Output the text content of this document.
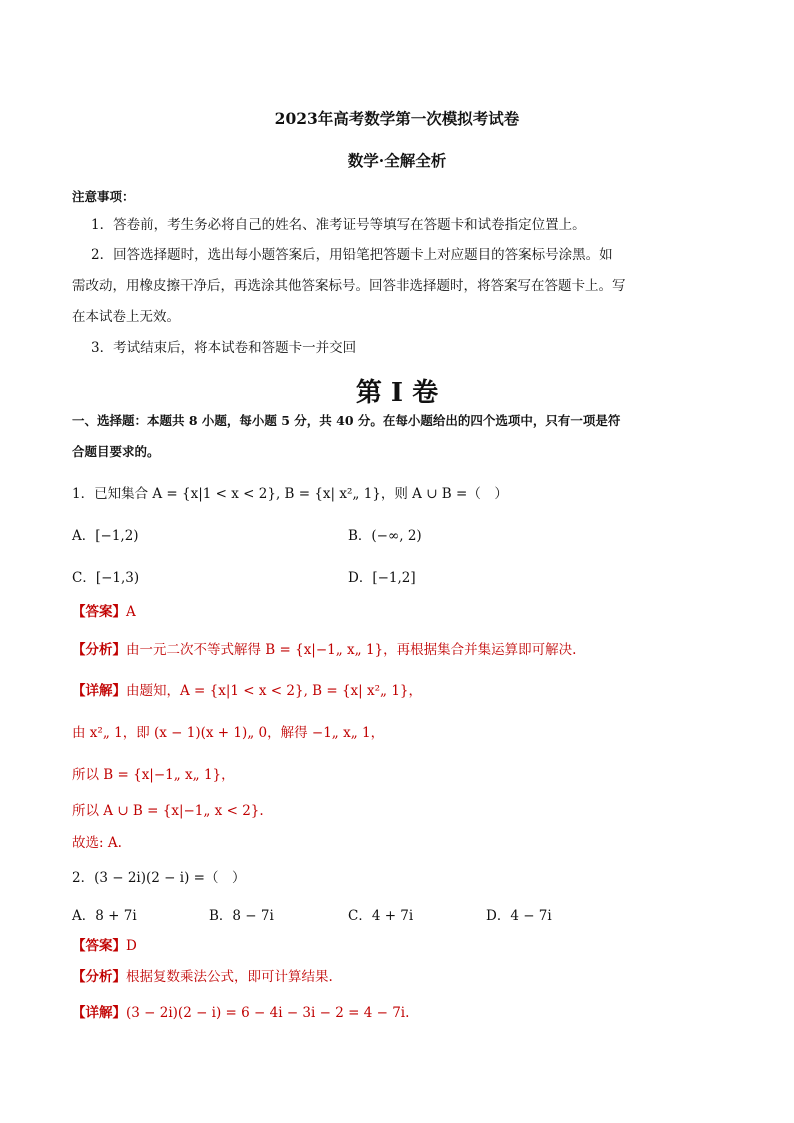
2023年高考数学第一次模拟考试卷
数学·全解全析
注意事项：
1．答卷前，考生务必将自己的姓名、准考证号等填写在答题卡和试卷指定位置上。
2．回答选择题时，选出每小题答案后，用铅笔把答题卡上对应题目的答案标号涂黑。如
需改动，用橡皮擦干净后，再选涂其他答案标号。回答非选择题时，将答案写在答题卡上。写
在本试卷上无效。
3．考试结束后，将本试卷和答题卡一并交回
第 I 卷
一、选择题：本题共 8 小题，每小题 5 分，共 40 分。在每小题给出的四个选项中，只有一项是符
合题目要求的。
1．已知集合 A = {x|1 < x < 2}, B = {x| x²„ 1}，则 A ∪ B =（　）
A．[−1,2)	B．(−∞, 2)
C．[−1,3)	D．[−1,2]
【答案】A
【分析】由一元二次不等式解得 B = {x|−1„ x„ 1}，再根据集合并集运算即可解决.
【详解】由题知，A = {x|1 < x < 2}, B = {x| x²„ 1}，
由 x²„ 1，即 (x − 1)(x + 1)„ 0，解得 −1„ x„ 1，
所以 B = {x|−1„ x„ 1}，
所以 A ∪ B = {x|−1„ x < 2}.
故选: A.
2．(3 − 2i)(2 − i) =（　）
A．8 + 7i	B．8 − 7i	C．4 + 7i	D．4 − 7i
【答案】D
【分析】根据复数乘法公式，即可计算结果.
【详解】(3 − 2i)(2 − i) = 6 − 4i − 3i − 2 = 4 − 7i.
